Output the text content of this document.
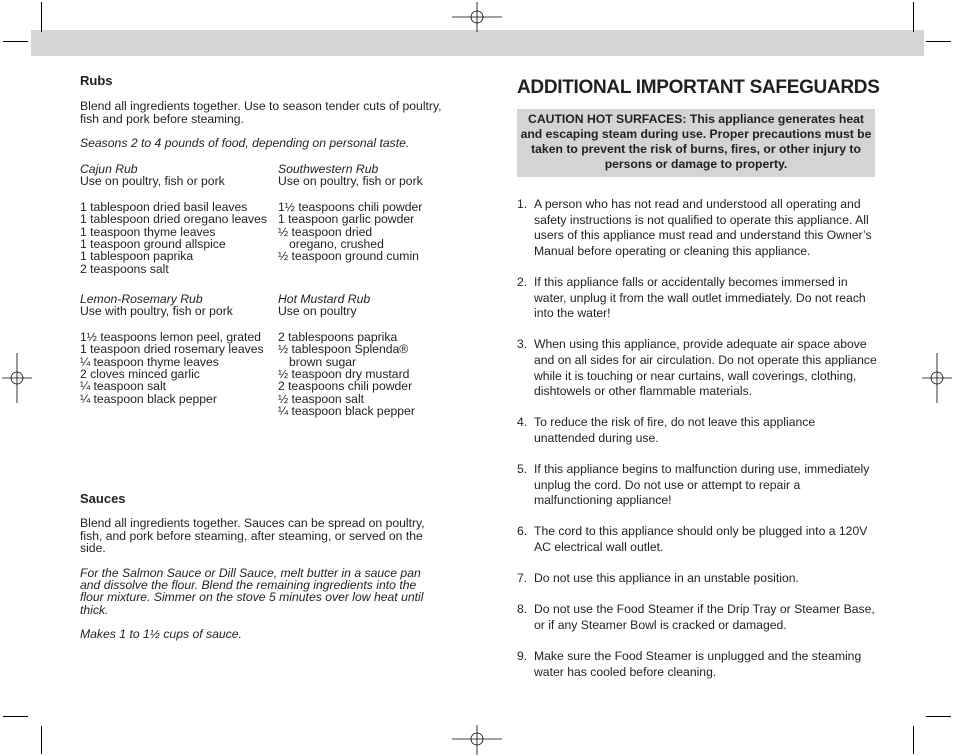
Rubs

Blend all ingredients together. Use to season tender cuts of poultry, fish and pork before steaming.

Seasons 2 to 4 pounds of food, depending on personal taste.

Cajun Rub
Use on poultry, fish or pork
1 tablespoon dried basil leaves
1 tablespoon dried oregano leaves
1 teaspoon thyme leaves
1 teaspoon ground allspice
1 tablespoon paprika
2 teaspoons salt
Southwestern Rub
Use on poultry, fish or pork
1½ teaspoons chili powder
1 teaspoon garlic powder
½ teaspoon dried
oregano, crushed
½ teaspoon ground cumin
Lemon-Rosemary Rub
Use with poultry, fish or pork
1½ teaspoons lemon peel, grated
1 teaspoon dried rosemary leaves
¼ teaspoon thyme leaves
2 cloves minced garlic
¼ teaspoon salt
¼ teaspoon black pepper
Hot Mustard Rub
Use on poultry
2 tablespoons paprika
½ tablespoon Splenda®
brown sugar
½ teaspoon dry mustard
2 teaspoons chili powder
½ teaspoon salt
¼ teaspoon black pepper
Sauces

Blend all ingredients together. Sauces can be spread on poultry, fish, and pork before steaming, after steaming, or served on the side.

For the Salmon Sauce or Dill Sauce, melt butter in a sauce pan and dissolve the flour. Blend the remaining ingredients into the flour mixture. Simmer on the stove 5 minutes over low heat until thick.

Makes 1 to 1½ cups of sauce.

ADDITIONAL IMPORTANT SAFEGUARDS
CAUTION HOT SURFACES: This appliance generates heat and escaping steam during use. Proper precautions must be taken to prevent the risk of burns, fires, or other injury to persons or damage to property.
1. A person who has not read and understood all operating and safety instructions is not qualified to operate this appliance. All users of this appliance must read and understand this Owner’s Manual before operating or cleaning this appliance.
2. If this appliance falls or accidentally becomes immersed in water, unplug it from the wall outlet immediately. Do not reach into the water!
3. When using this appliance, provide adequate air space above and on all sides for air circulation. Do not operate this appliance while it is touching or near curtains, wall coverings, clothing, dishtowels or other flammable materials.
4. To reduce the risk of fire, do not leave this appliance unattended during use.
5. If this appliance begins to malfunction during use, immediately unplug the cord. Do not use or attempt to repair a malfunctioning appliance!
6. The cord to this appliance should only be plugged into a 120V AC electrical wall outlet.
7. Do not use this appliance in an unstable position.
8. Do not use the Food Steamer if the Drip Tray or Steamer Base, or if any Steamer Bowl is cracked or damaged.
9. Make sure the Food Steamer is unplugged and the steaming water has cooled before cleaning.
